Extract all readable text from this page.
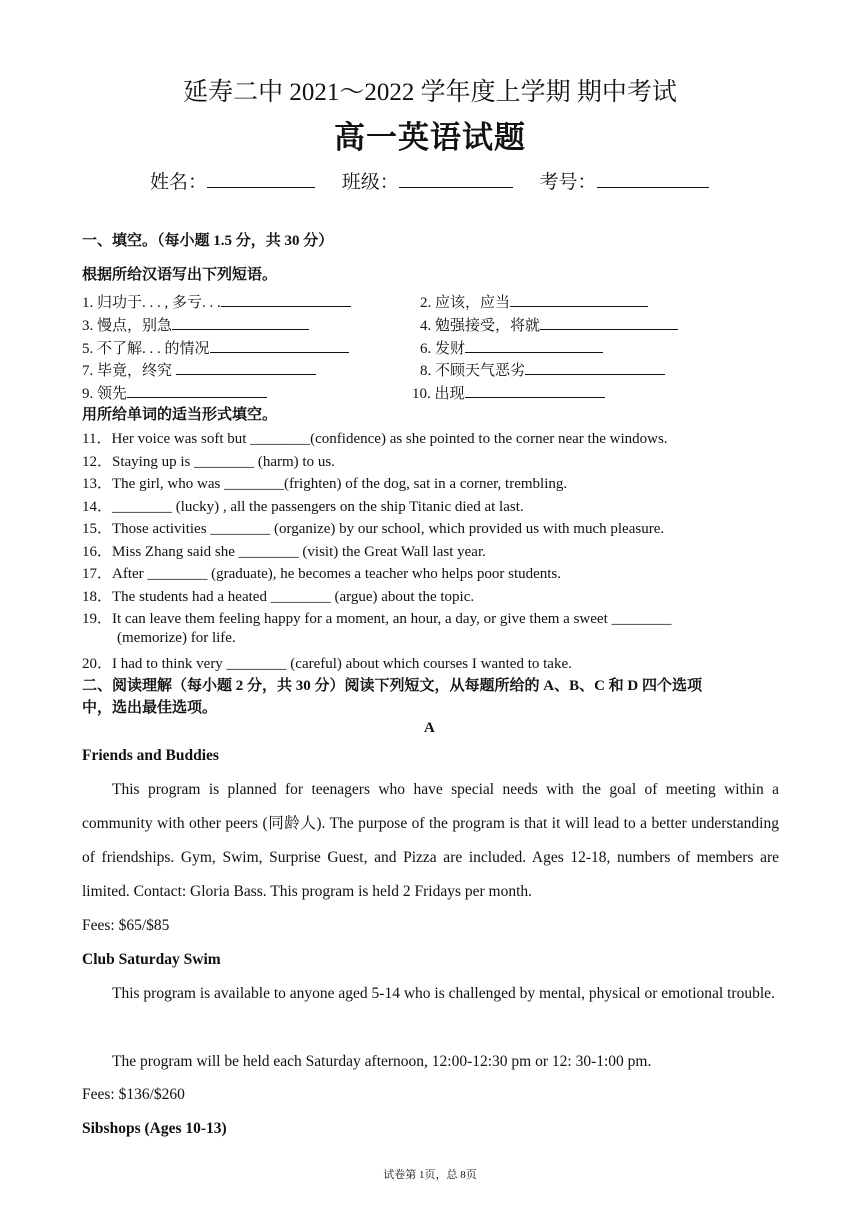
延寿二中 2021～2022 学年度上学期 期中考试
高一英语试题
姓名：	班级：	考号：
一、填空。（每小题 1.5 分，共 30 分）
根据所给汉语写出下列短语。
1. 归功于. . . , 多亏. . .	2. 应该，应当
3. 慢点，别急	4. 勉强接受，将就
5. 不了解. . . 的情况	6. 发财
7. 毕竟，终究	8. 不顾天气恶劣
9. 领先	10. 出现
用所给单词的适当形式填空。
11．Her voice was soft but ________(confidence) as she pointed to the corner near the windows.
12．Staying up is ________ (harm) to us.
13．The girl, who was ________(frighten) of the dog, sat in a corner, trembling.
14．________ (lucky) , all the passengers on the ship Titanic died at last.
15．Those activities ________ (organize) by our school, which provided us with much pleasure.
16．Miss Zhang said she ________ (visit) the Great Wall last year.
17．After ________ (graduate), he becomes a teacher who helps poor students.
18．The students had a heated ________ (argue) about the topic.
19．It can leave them feeling happy for a moment, an hour, a day, or give them a sweet ________
(memorize) for life.
20．I had to think very ________ (careful) about which courses I wanted to take.
二、阅读理解（每小题 2 分，共 30 分）阅读下列短文，从每题所给的 A、B、C 和 D 四个选项
中，选出最佳选项。
A
Friends and Buddies
This program is planned for teenagers who have special needs with the goal of meeting within a community with other peers (同龄人). The purpose of the program is that it will lead to a better understanding of friendships. Gym, Swim, Surprise Guest, and Pizza are included. Ages 12-18, numbers of members are limited. Contact: Gloria Bass. This program is held 2 Fridays per month.
Fees: $65/$85
Club Saturday Swim
This program is available to anyone aged 5-14 who is challenged by mental, physical or emotional trouble.
The program will be held each Saturday afternoon, 12:00-12:30 pm or 12: 30-1:00 pm.
Fees: $136/$260
Sibshops (Ages 10-13)
试卷第 1页，总 8页
